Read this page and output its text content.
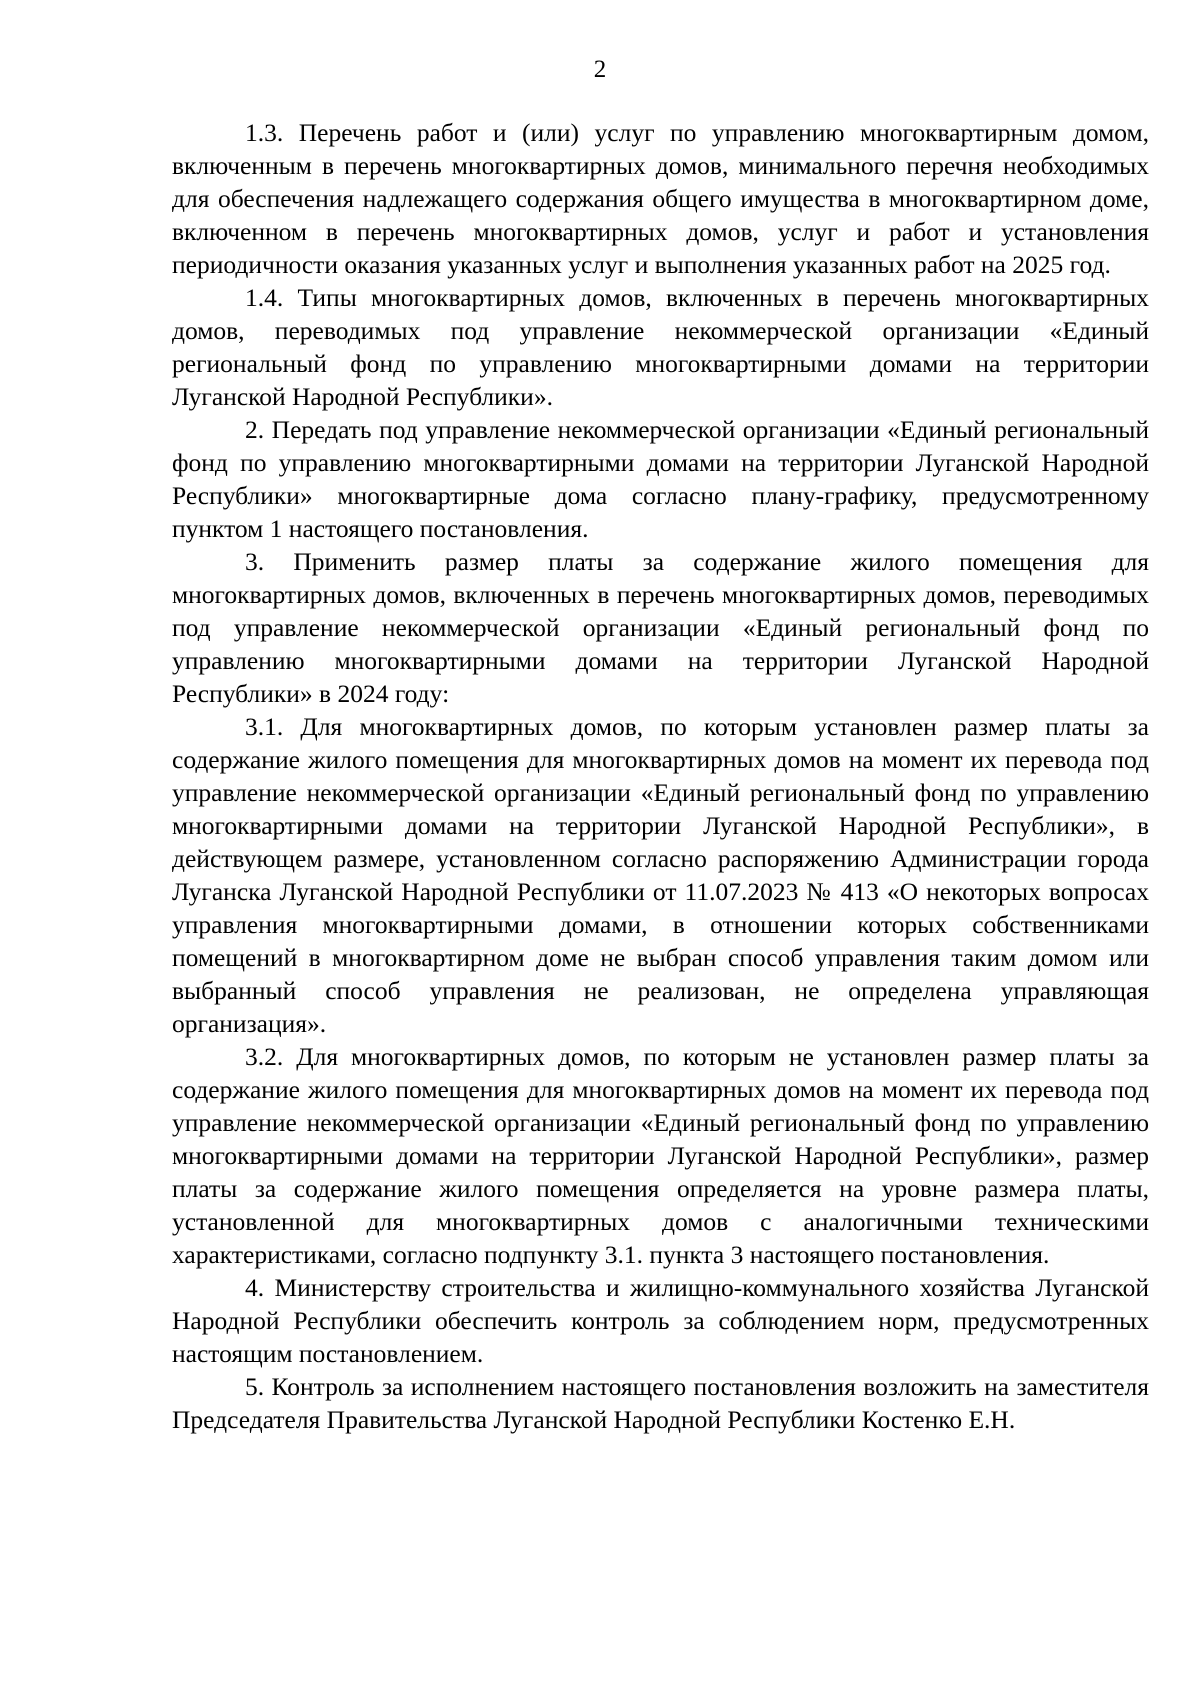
2

1.3. Перечень работ и (или) услуг по управлению многоквартирным домом, включенным в перечень многоквартирных домов, минимального перечня необходимых для обеспечения надлежащего содержания общего имущества в многоквартирном доме, включенном в перечень многоквартирных домов, услуг и работ и установления периодичности оказания указанных услуг и выполнения указанных работ на 2025 год.

1.4. Типы многоквартирных домов, включенных в перечень многоквартирных домов, переводимых под управление некоммерческой организации «Единый региональный фонд по управлению многоквартирными домами на территории Луганской Народной Республики».

2. Передать под управление некоммерческой организации «Единый региональный фонд по управлению многоквартирными домами на территории Луганской Народной Республики» многоквартирные дома согласно плану-графику, предусмотренному пунктом 1 настоящего постановления.

3. Применить размер платы за содержание жилого помещения для многоквартирных домов, включенных в перечень многоквартирных домов, переводимых под управление некоммерческой организации «Единый региональный фонд по управлению многоквартирными домами на территории Луганской Народной Республики» в 2024 году:

3.1. Для многоквартирных домов, по которым установлен размер платы за содержание жилого помещения для многоквартирных домов на момент их перевода под управление некоммерческой организации «Единый региональный фонд по управлению многоквартирными домами на территории Луганской Народной Республики», в действующем размере, установленном согласно распоряжению Администрации города Луганска Луганской Народной Республики от 11.07.2023 № 413 «О некоторых вопросах управления многоквартирными домами, в отношении которых собственниками помещений в многоквартирном доме не выбран способ управления таким домом или выбранный способ управления не реализован, не определена управляющая организация».

3.2. Для многоквартирных домов, по которым не установлен размер платы за содержание жилого помещения для многоквартирных домов на момент их перевода под управление некоммерческой организации «Единый региональный фонд по управлению многоквартирными домами на территории Луганской Народной Республики», размер платы за содержание жилого помещения определяется на уровне размера платы, установленной для многоквартирных домов с аналогичными техническими характеристиками, согласно подпункту 3.1. пункта 3 настоящего постановления.

4. Министерству строительства и жилищно-коммунального хозяйства Луганской Народной Республики обеспечить контроль за соблюдением норм, предусмотренных настоящим постановлением.

5. Контроль за исполнением настоящего постановления возложить на заместителя Председателя Правительства Луганской Народной Республики Костенко Е.Н.
